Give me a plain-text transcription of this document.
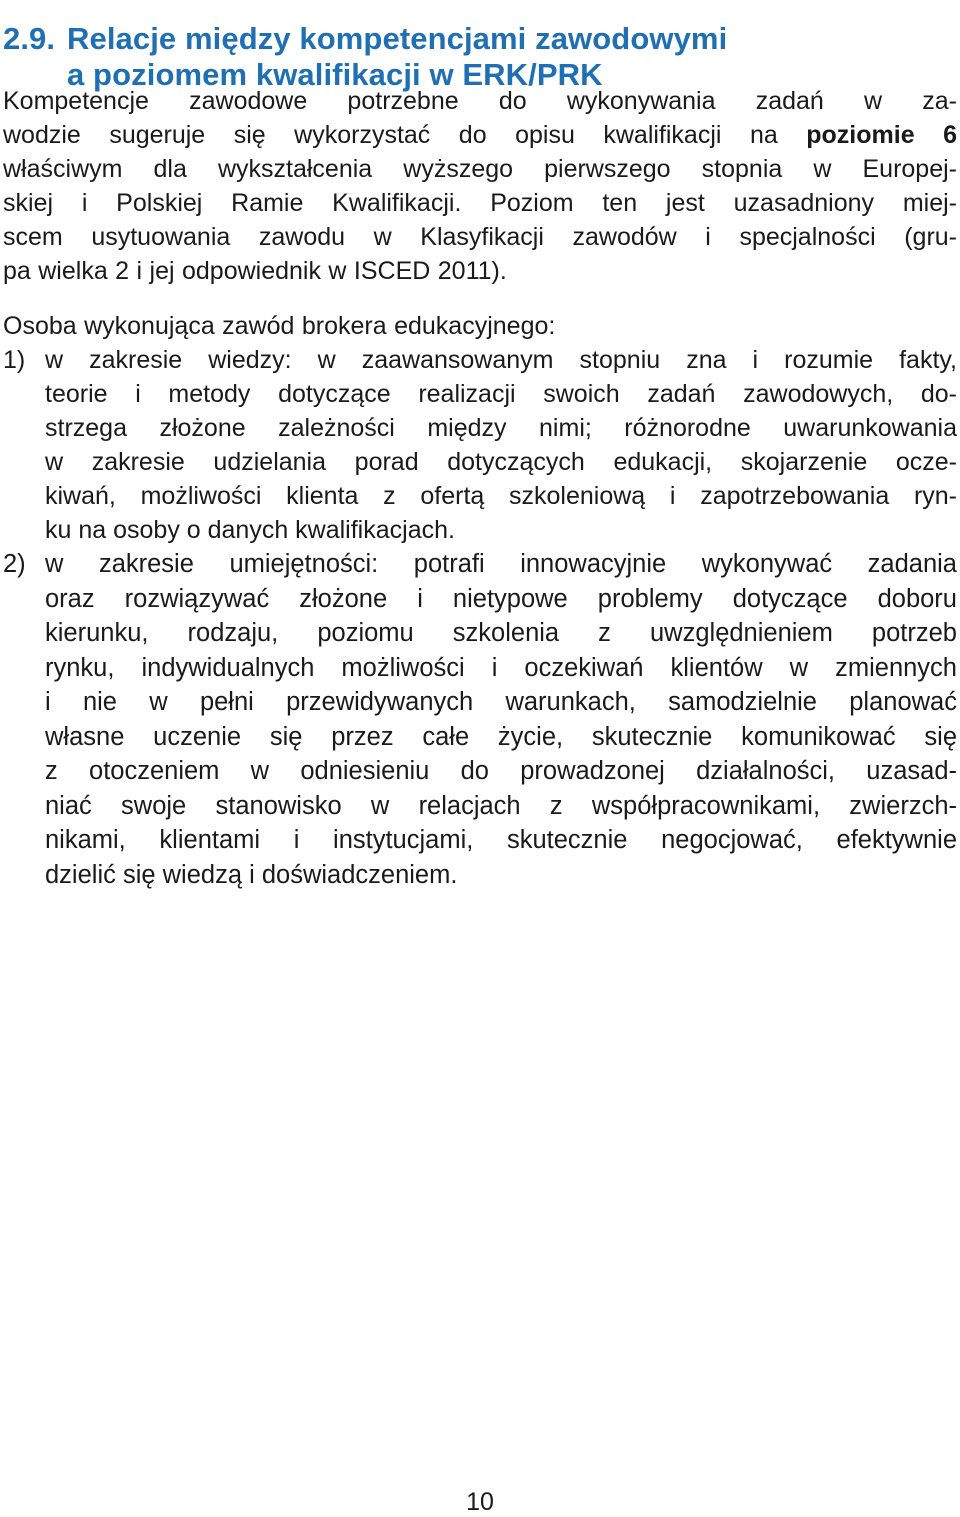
2.9. Relacje między kompetencjami zawodowymi
a poziomem kwalifikacji w ERK/PRK
Kompetencje zawodowe potrzebne do wykonywania zadań w za-
wodzie sugeruje się wykorzystać do opisu kwalifikacji na poziomie 6
właściwym dla wykształcenia wyższego pierwszego stopnia w Europej-
skiej i Polskiej Ramie Kwalifikacji. Poziom ten jest uzasadniony miej-
scem usytuowania zawodu w Klasyfikacji zawodów i specjalności (gru-
pa wielka 2 i jej odpowiednik w ISCED 2011).
Osoba wykonująca zawód brokera edukacyjnego:
1) w zakresie wiedzy: w zaawansowanym stopniu zna i rozumie fakty,
teorie i metody dotyczące realizacji swoich zadań zawodowych, do-
strzega złożone zależności między nimi; różnorodne uwarunkowania
w zakresie udzielania porad dotyczących edukacji, skojarzenie ocze-
kiwań, możliwości klienta z ofertą szkoleniową i zapotrzebowania ryn-
ku na osoby o danych kwalifikacjach.
2) w zakresie umiejętności: potrafi innowacyjnie wykonywać zadania
oraz rozwiązywać złożone i nietypowe problemy dotyczące doboru
kierunku, rodzaju, poziomu szkolenia z uwzględnieniem potrzeb
rynku, indywidualnych możliwości i oczekiwań klientów w zmiennych
i nie w pełni przewidywanych warunkach, samodzielnie planować
własne uczenie się przez całe życie, skutecznie komunikować się
z otoczeniem w odniesieniu do prowadzonej działalności, uzasad-
niać swoje stanowisko w relacjach z współpracownikami, zwierzch-
nikami, klientami i instytucjami, skutecznie negocjować, efektywnie
dzielić się wiedzą i doświadczeniem.
10
